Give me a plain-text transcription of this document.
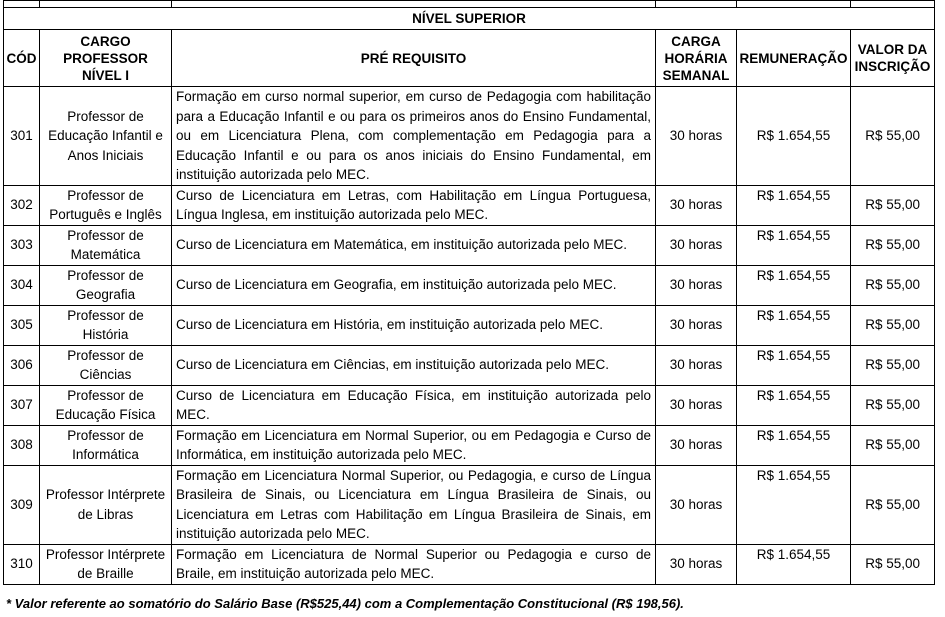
NÍVEL SUPERIOR					
CÓD	CARGO PROFESSOR NÍVEL I	PRÉ REQUISITO	CARGA HORÁRIA SEMANAL	REMUNERAÇÃO	VALOR DA INSCRIÇÃO

301	Professor de Educação Infantil e Anos Iniciais	Formação em curso normal superior, em curso de Pedagogia com habilitação para a Educação Infantil e ou para os primeiros anos do Ensino Fundamental, ou em Licenciatura Plena, com complementação em Pedagogia para a Educação Infantil e ou para os anos iniciais do Ensino Fundamental, em instituição autorizada pelo MEC.	30 horas	R$ 1.654,55	R$ 55,00
302	Professor de Português e Inglês	Curso de Licenciatura em Letras, com Habilitação em Língua Portuguesa, Língua Inglesa, em instituição autorizada pelo MEC.	30 horas	R$ 1.654,55	R$ 55,00
303	Professor de Matemática	Curso de Licenciatura em Matemática, em instituição autorizada pelo MEC.	30 horas	R$ 1.654,55	R$ 55,00
304	Professor de Geografia	Curso de Licenciatura em Geografia, em instituição autorizada pelo MEC.	30 horas	R$ 1.654,55	R$ 55,00
305	Professor de História	Curso de Licenciatura em História, em instituição autorizada pelo MEC.	30 horas	R$ 1.654,55	R$ 55,00
306	Professor de Ciências	Curso de Licenciatura em Ciências, em instituição autorizada pelo MEC.	30 horas	R$ 1.654,55	R$ 55,00
307	Professor de Educação Física	Curso de Licenciatura em Educação Física, em instituição autorizada pelo MEC.	30 horas	R$ 1.654,55	R$ 55,00
308	Professor de Informática	Formação em Licenciatura em Normal Superior, ou em Pedagogia e Curso de Informática, em instituição autorizada pelo MEC.	30 horas	R$ 1.654,55	R$ 55,00
309	Professor Intérprete de Libras	Formação em Licenciatura Normal Superior, ou Pedagogia, e curso de Língua Brasileira de Sinais, ou Licenciatura em Língua Brasileira de Sinais, ou Licenciatura em Letras com Habilitação em Língua Brasileira de Sinais, em instituição autorizada pelo MEC.	30 horas	R$ 1.654,55	R$ 55,00
310	Professor Intérprete de Braille	Formação em Licenciatura de Normal Superior ou Pedagogia e curso de Braile, em instituição autorizada pelo MEC.	30 horas	R$ 1.654,55	R$ 55,00
* Valor referente ao somatório do Salário Base (R$525,44) com a Complementação Constitucional (R$ 198,56).
